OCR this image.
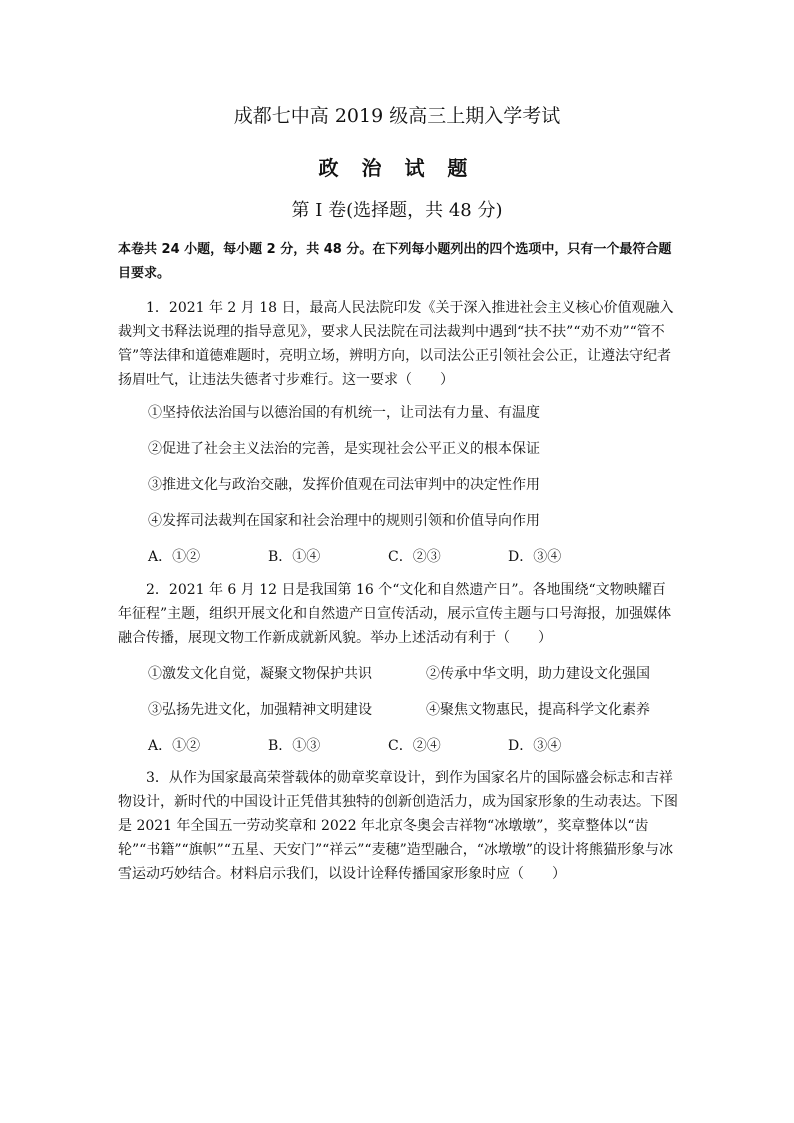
成都七中高 2019 级高三上期入学考试
政 治 试 题
第 I 卷(选择题，共 48 分)
本卷共 24 小题，每小题 2 分，共 48 分。在下列每小题列出的四个选项中，只有一个最符合题目要求。
1．2021 年 2 月 18 日，最高人民法院印发《关于深入推进社会主义核心价值观融入裁判文书释法说理的指导意见》，要求人民法院在司法裁判中遇到“扶不扶”“劝不劝”“管不管”等法律和道德难题时，亮明立场，辨明方向，以司法公正引领社会公正，让遵法守纪者扬眉吐气，让违法失德者寸步难行。这一要求（　　）
①坚持依法治国与以德治国的有机统一，让司法有力量、有温度
②促进了社会主义法治的完善，是实现社会公平正义的根本保证
③推进文化与政治交融，发挥价值观在司法审判中的决定性作用
④发挥司法裁判在国家和社会治理中的规则引领和价值导向作用
A．①②	B．①④	C．②③	D．③④
2．2021 年 6 月 12 日是我国第 16 个“文化和自然遗产日”。各地围绕“文物映耀百年征程”主题，组织开展文化和自然遗产日宣传活动，展示宣传主题与口号海报，加强媒体融合传播，展现文物工作新成就新风貌。举办上述活动有利于（　　）
①激发文化自觉，凝聚文物保护共识	②传承中华文明，助力建设文化强国
③弘扬先进文化，加强精神文明建设	④聚焦文物惠民，提高科学文化素养
A．①②	B．①③	C．②④	D．③④
3．从作为国家最高荣誉载体的勋章奖章设计，到作为国家名片的国际盛会标志和吉祥物设计，新时代的中国设计正凭借其独特的创新创造活力，成为国家形象的生动表达。下图是 2021 年全国五一劳动奖章和 2022 年北京冬奥会吉祥物“冰墩墩”，奖章整体以“齿轮”“书籍”“旗帜”“五星、天安门”“祥云”“麦穗”造型融合，“冰墩墩”的设计将熊猫形象与冰雪运动巧妙结合。材料启示我们，以设计诠释传播国家形象时应（　　）
